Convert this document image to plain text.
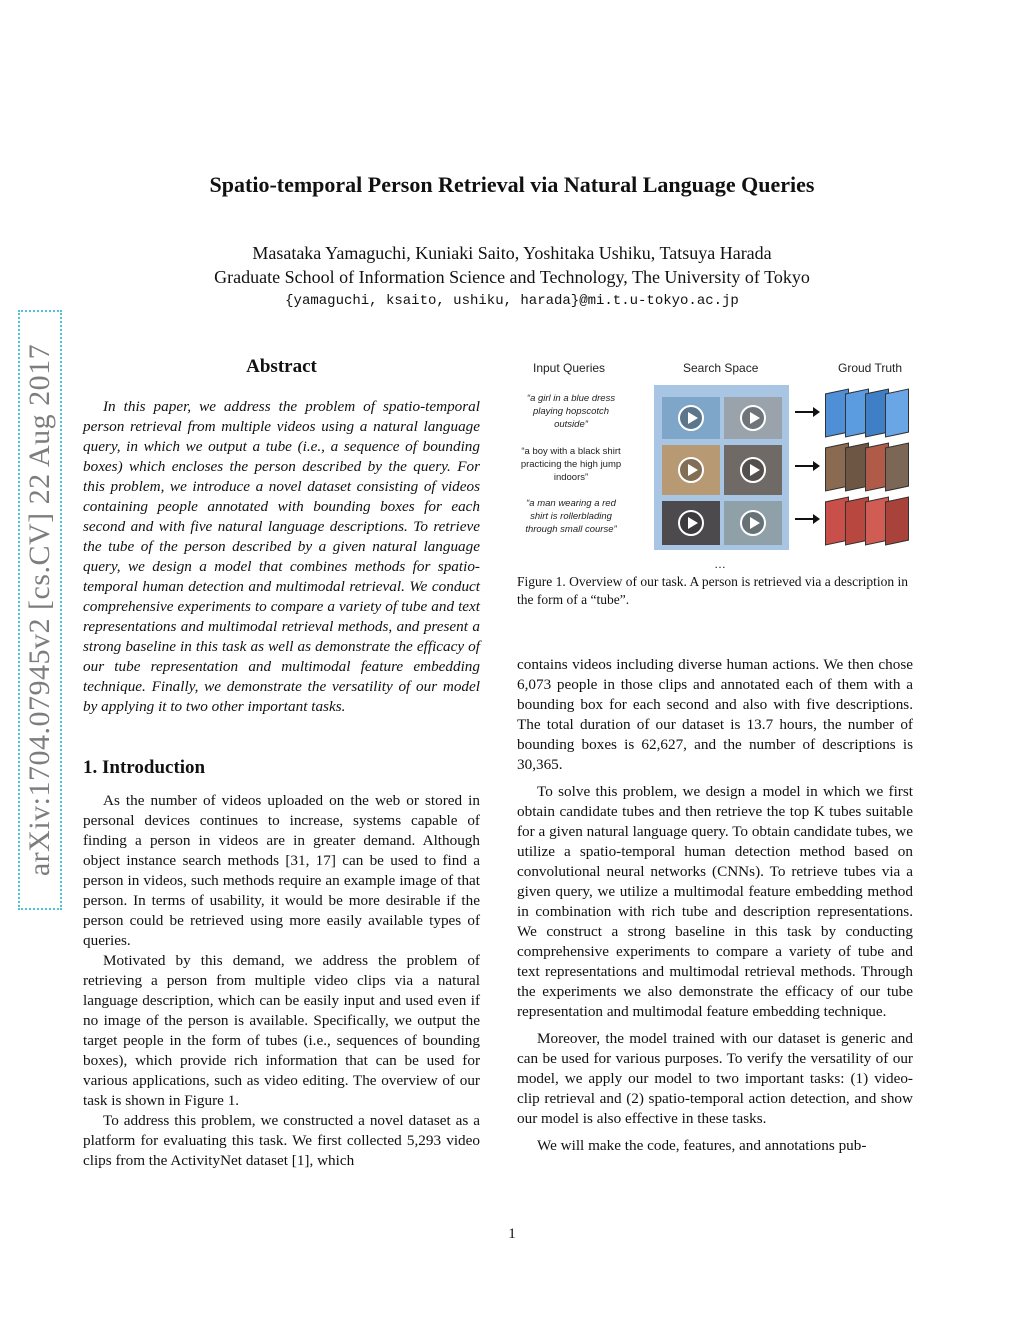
arXiv:1704.07945v2 [cs.CV] 22 Aug 2017
Spatio-temporal Person Retrieval via Natural Language Queries
Masataka Yamaguchi, Kuniaki Saito, Yoshitaka Ushiku, Tatsuya Harada
Graduate School of Information Science and Technology, The University of Tokyo
{yamaguchi, ksaito, ushiku, harada}@mi.t.u-tokyo.ac.jp
Abstract

In this paper, we address the problem of spatio-temporal person retrieval from multiple videos using a natural language query, in which we output a tube (i.e., a sequence of bounding boxes) which encloses the person described by the query. For this problem, we introduce a novel dataset consisting of videos containing people annotated with bounding boxes for each second and with five natural language descriptions. To retrieve the tube of the person described by a given natural language query, we design a model that combines methods for spatio-temporal human detection and multimodal retrieval. We conduct comprehensive experiments to compare a variety of tube and text representations and multimodal retrieval methods, and present a strong baseline in this task as well as demonstrate the efficacy of our tube representation and multimodal feature embedding technique. Finally, we demonstrate the versatility of our model by applying it to two other important tasks.

1. Introduction

As the number of videos uploaded on the web or stored in personal devices continues to increase, systems capable of finding a person in videos are in greater demand. Although object instance search methods [31, 17] can be used to find a person in videos, such methods require an example image of that person. In terms of usability, it would be more desirable if the person could be retrieved using more easily available types of queries.

Motivated by this demand, we address the problem of retrieving a person from multiple video clips via a natural language description, which can be easily input and used even if no image of the person is available. Specifically, we output the target people in the form of tubes (i.e., sequences of bounding boxes), which provide rich information that can be used for various applications, such as video editing. The overview of our task is shown in Figure 1.

To address this problem, we constructed a novel dataset as a platform for evaluating this task. We first collected 5,293 video clips from the ActivityNet dataset [1], which

Input Queries	Search Space	Groud Truth
“a girl in a blue dress playing hopscotch outside”
“a boy with a black shirt practicing the high jump indoors”
“a man wearing a red shirt is rollerblading through small course”
…

Figure 1. Overview of our task. A person is retrieved via a description in the form of a “tube”.

contains videos including diverse human actions. We then chose 6,073 people in those clips and annotated each of them with a bounding box for each second and also with five descriptions. The total duration of our dataset is 13.7 hours, the number of bounding boxes is 62,627, and the number of descriptions is 30,365.

To solve this problem, we design a model in which we first obtain candidate tubes and then retrieve the top K tubes suitable for a given natural language query. To obtain candidate tubes, we utilize a spatio-temporal human detection method based on convolutional neural networks (CNNs). To retrieve tubes via a given query, we utilize a multimodal feature embedding method in combination with rich tube and description representations. We construct a strong baseline in this task by conducting comprehensive experiments to compare a variety of tube and text representations and multimodal retrieval methods. Through the experiments we also demonstrate the efficacy of our tube representation and multimodal feature embedding technique.

Moreover, the model trained with our dataset is generic and can be used for various purposes. To verify the versatility of our model, we apply our model to two important tasks: (1) video-clip retrieval and (2) spatio-temporal action detection, and show our model is also effective in these tasks.

We will make the code, features, and annotations pub-

1
